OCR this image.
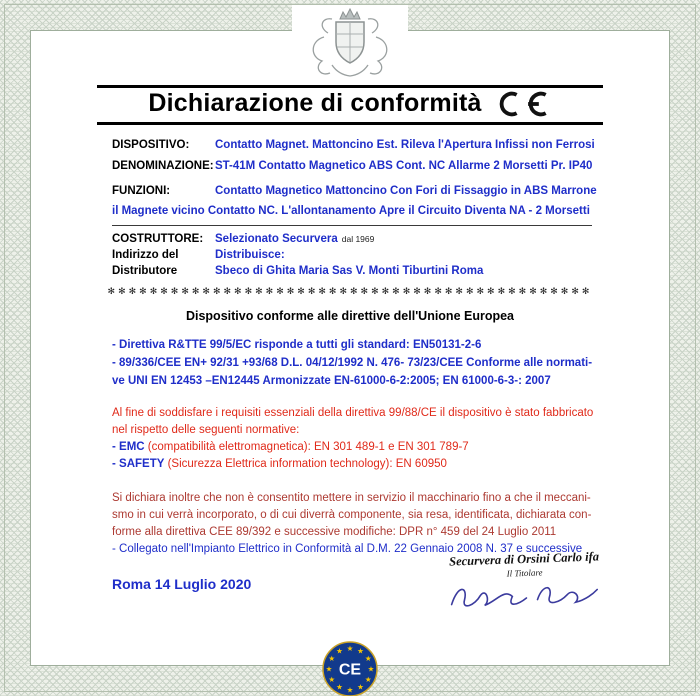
Dichiarazione di conformità
DISPOSITIVO:	Contatto Magnet. Mattoncino Est. Rileva l'Apertura Infissi non Ferrosi
DENOMINAZIONE: ST-41M Contatto Magnetico ABS Cont. NC Allarme 2 Morsetti Pr. IP40
FUNZIONI:	Contatto Magnetico Mattoncino Con Fori di Fissaggio in ABS Marrone
il Magnete vicino Contatto NC. L'allontanamento Apre il Circuito Diventa NA - 2 Morsetti
COSTRUTTORE:	Selezionato Securvera dal 1969
Indirizzo del	Distribuisce:
Distributore	Sbeco di Ghita Maria Sas V. Monti Tiburtini Roma
✻✻✻✻✻✻✻✻✻✻✻✻✻✻✻✻✻✻✻✻✻✻✻✻✻✻✻✻✻✻✻✻✻✻✻✻✻✻✻✻✻✻✻✻✻✻
Dispositivo conforme alle direttive dell'Unione Europea
- Direttiva R&TTE 99/5/EC risponde a tutti gli standard: EN50131-2-6
- 89/336/CEE EN+ 92/31 +93/68 D.L. 04/12/1992 N. 476- 73/23/CEE Conforme alle normati-
ve UNI EN 12453 –EN12445 Armonizzate EN-61000-6-2:2005; EN 61000-6-3-: 2007
Al fine di soddisfare i requisiti essenziali della direttiva 99/88/CE il dispositivo è stato fabbricato
nel rispetto delle seguenti normative:
- EMC (compatibilità elettromagnetica): EN 301 489-1 e EN 301 789-7
- SAFETY (Sicurezza Elettrica information technology): EN 60950
Si dichiara inoltre che non è consentito mettere in servizio il macchinario fino a che il meccani-
smo in cui verrà incorporato, o di cui diverrà componente, sia resa, identificata, dichiarata con-
forme alla direttiva CEE 89/392 e successive modifiche: DPR n° 459 del 24 Luglio 2011
- Collegato nell'Impianto Elettrico in Conformità al D.M. 22 Gennaio 2008 N. 37 e successive
Roma 14 Luglio 2020
Securvera di Orsini Carlo ifa
Il Titolare
★ ★
★
★
★
★
★
★
★
★
★
★
CE
